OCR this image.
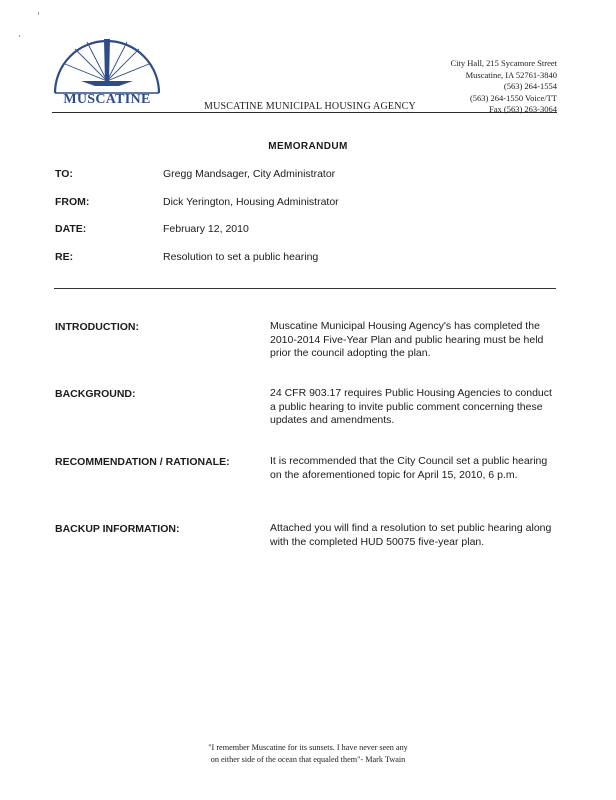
MUSCATINE	MUSCATINE MUNICIPAL HOUSING AGENCY
City Hall, 215 Sycamore Street
Muscatine, IA 52761-3840
(563) 264-1554
(563) 264-1550 Voice/TT
Fax (563) 263-3064
MEMORANDUM
TO:	Gregg Mandsager, City Administrator
FROM:	Dick Yerington, Housing Administrator
DATE:	February 12, 2010
RE:	Resolution to set a public hearing
INTRODUCTION:	Muscatine Municipal Housing Agency's has completed the 2010-2014 Five-Year Plan and public hearing must be held prior the council adopting the plan.
BACKGROUND:	24 CFR 903.17 requires Public Housing Agencies to conduct a public hearing to invite public comment concerning these updates and amendments.
RECOMMENDATION / RATIONALE:	It is recommended that the City Council set a public hearing on the aforementioned topic for April 15, 2010, 6 p.m.
BACKUP INFORMATION:	Attached you will find a resolution to set public hearing along with the completed HUD 50075 five-year plan.
"I remember Muscatine for its sunsets. I have never seen any
on either side of the ocean that equaled them"- Mark Twain
